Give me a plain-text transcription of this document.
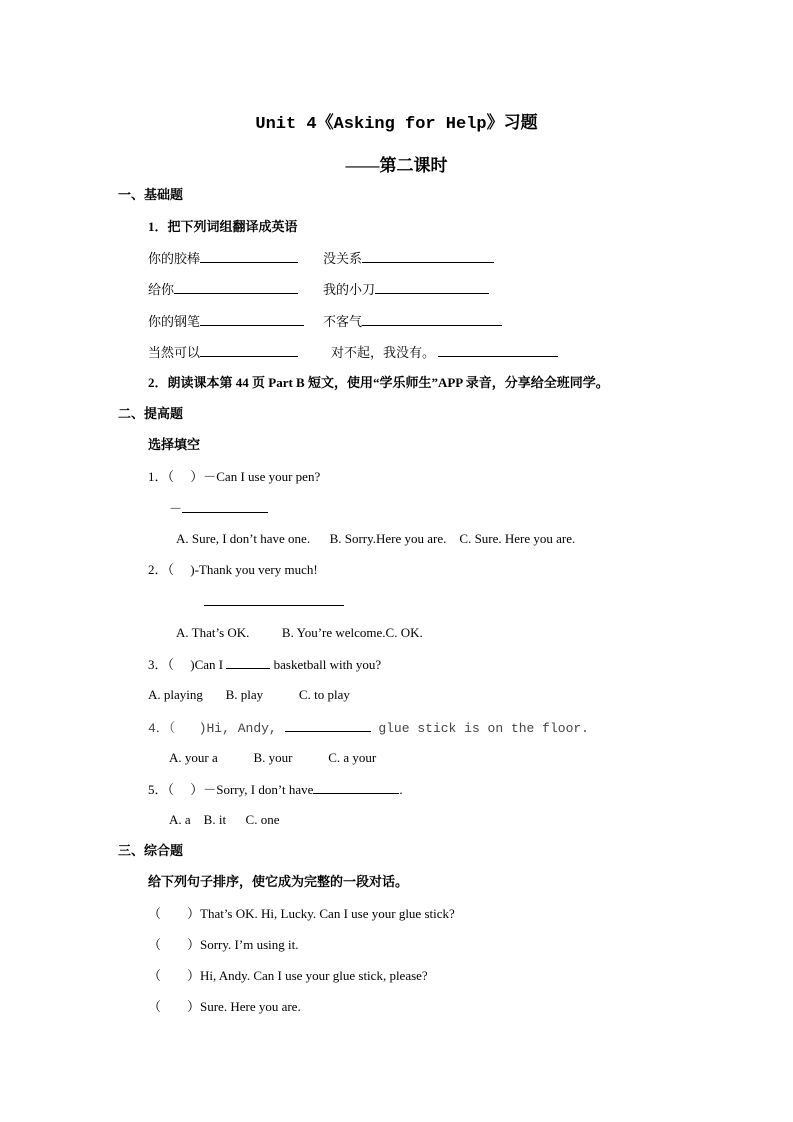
Unit 4《Asking for Help》习题
——第二课时
一、基础题
1．把下列词组翻译成英语
你的胶棒	没关系
给你	我的小刀
你的钢笔	不客气
当然可以	对不起，我没有。
2．朗读课本第 44 页 Part B 短文，使用“学乐师生”APP 录音，分享给全班同学。
二、提高题
选择填空
1．（　 ）－Can I use your pen?
－
A. Sure, I don’t have one.      B. Sorry.Here you are.    C. Sure. Here you are.
2．（　 )-Thank you very much!
A. That’s OK.          B. You’re welcome.C. OK.
3．（　 )Can I	basketball with you?
A. playing       B. play           C. to play
4．（   )Hi, Andy,	glue stick is on the floor.
A. your a           B. your           C. a your
5．（　 ）－Sorry, I don’t have	.
A. a    B. it      C. one
三、综合题
给下列句子排序，使它成为完整的一段对话。
（　　）That’s OK. Hi, Lucky. Can I use your glue stick?
（　　）Sorry. I’m using it.
（　　）Hi, Andy. Can I use your glue stick, please?
（　　）Sure. Here you are.
